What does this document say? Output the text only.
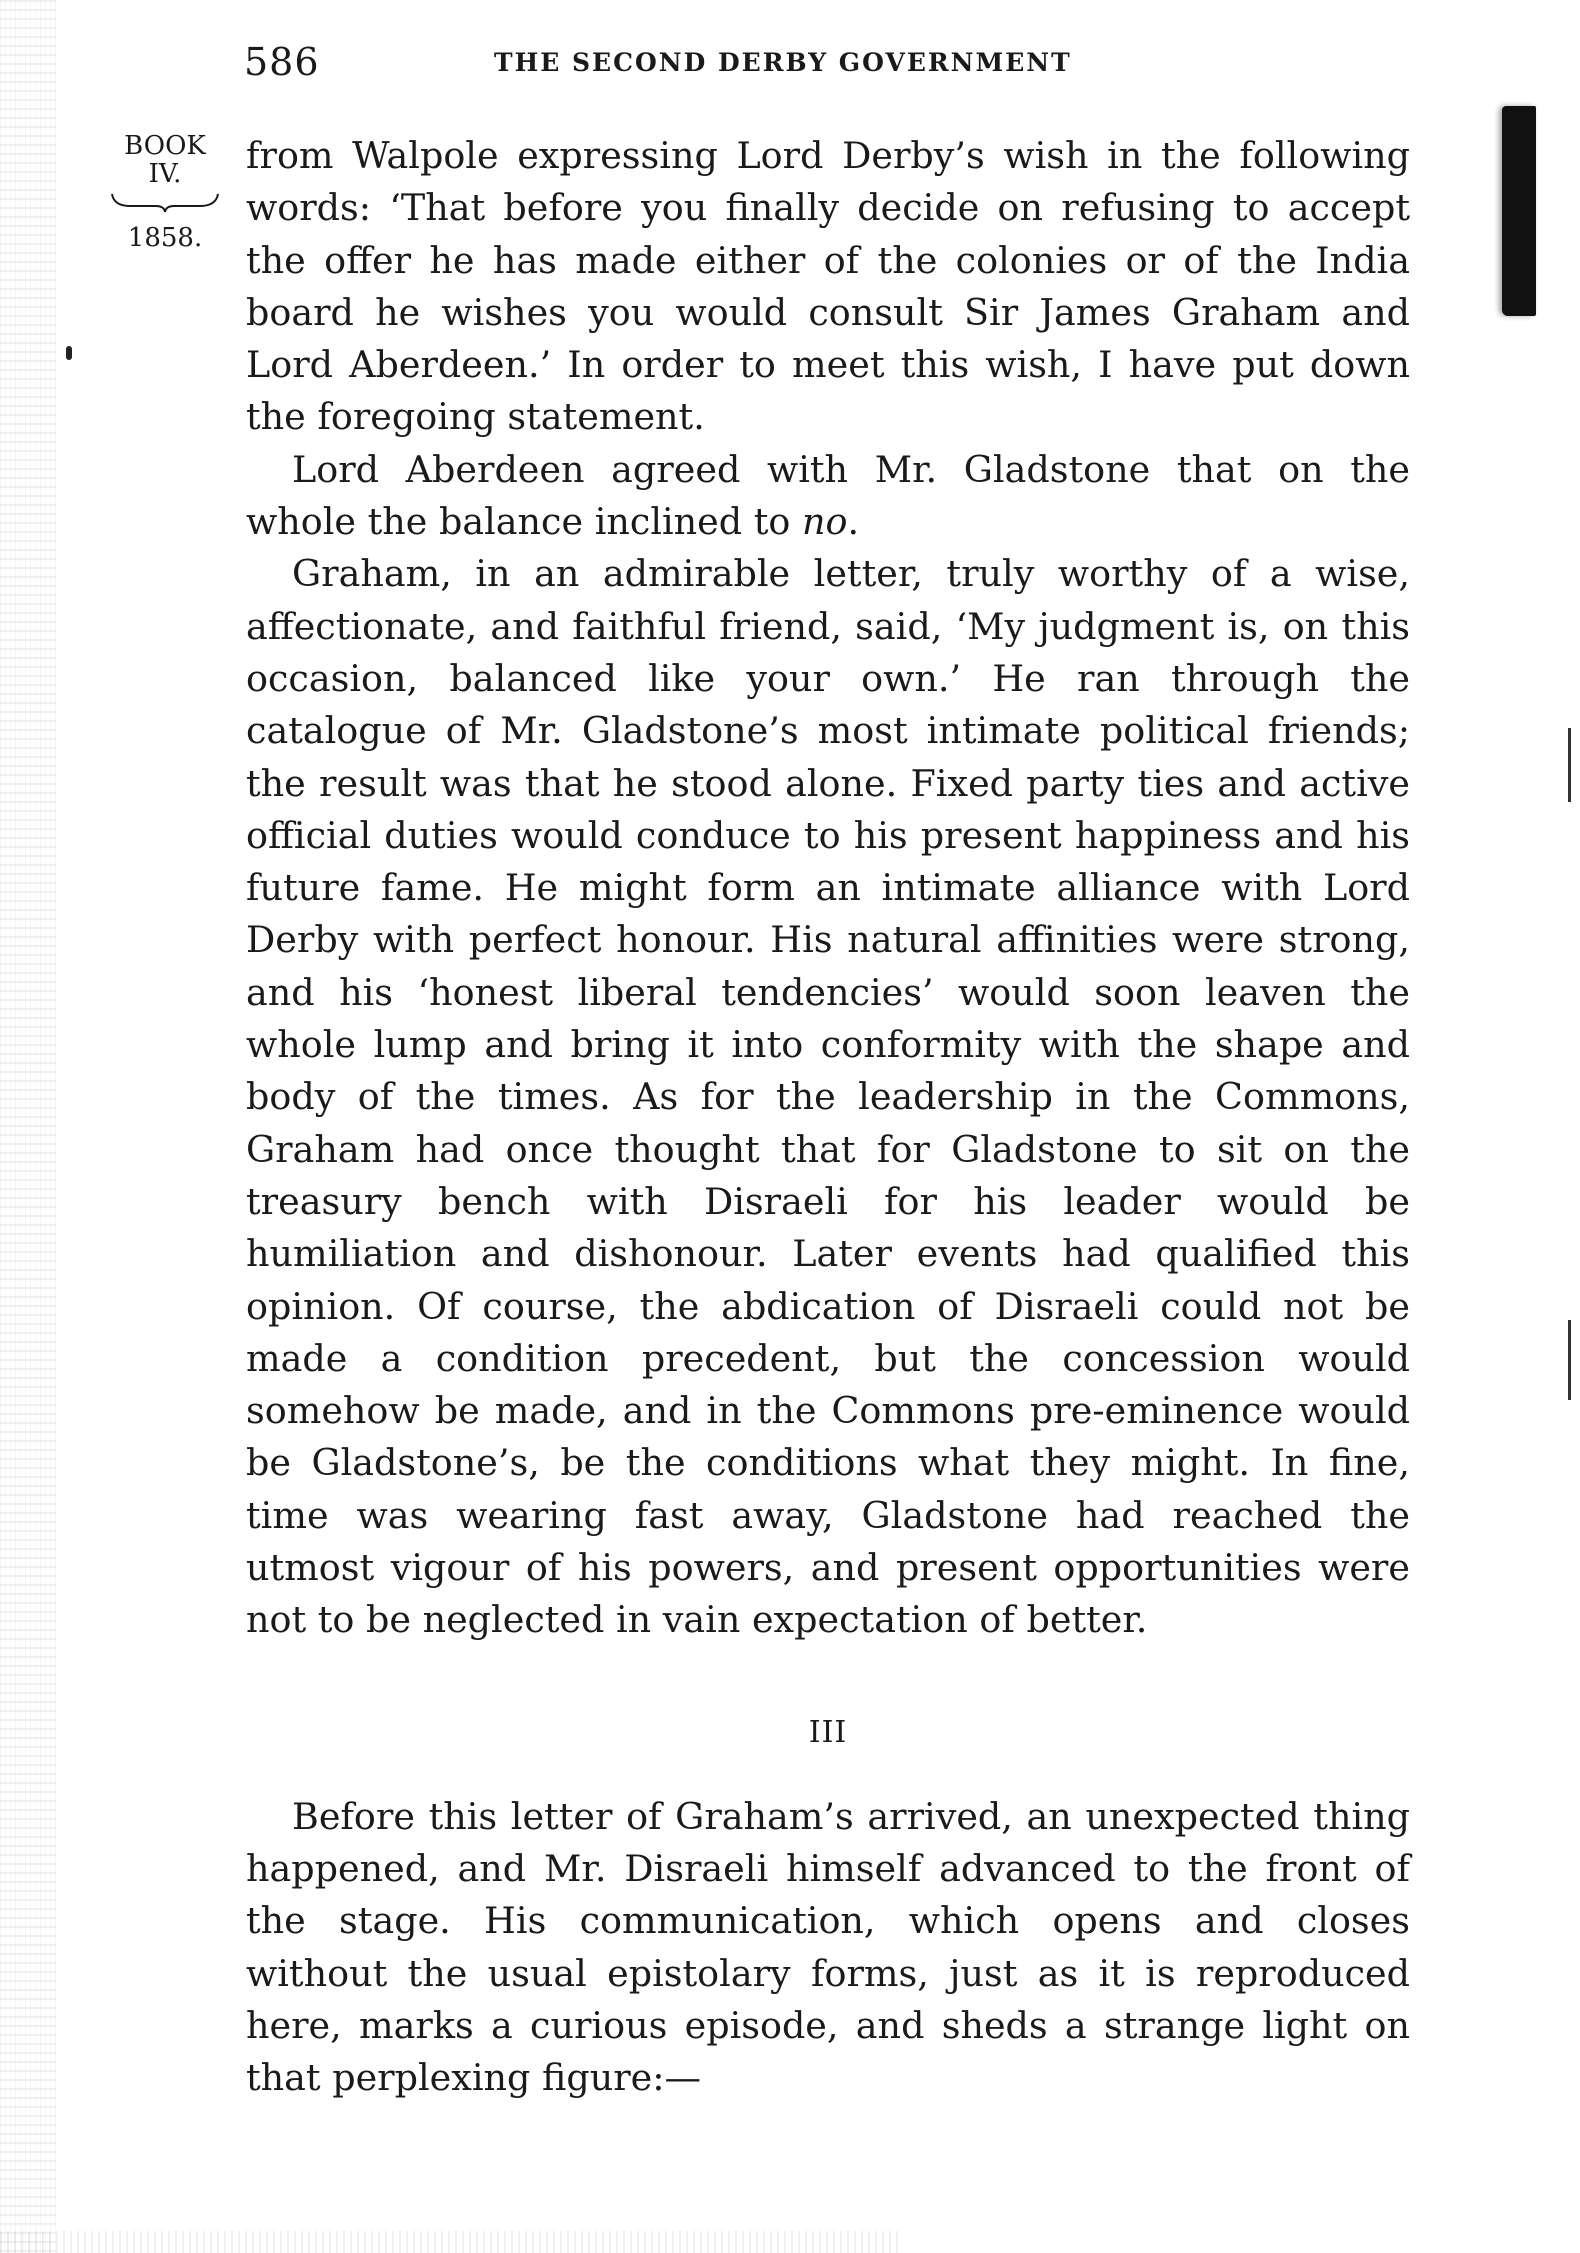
586	THE SECOND DERBY GOVERNMENT
BOOK
IV.
1858.

from Walpole expressing Lord Derby’s wish in the following words: ‘That before you finally decide on refusing to accept the offer he has made either of the colonies or of the India board he wishes you would consult Sir James Graham and Lord Aberdeen.’ In order to meet this wish, I have put down the foregoing statement.

Lord Aberdeen agreed with Mr. Gladstone that on the whole the balance inclined to no.

Graham, in an admirable letter, truly worthy of a wise, affectionate, and faithful friend, said, ‘My judgment is, on this occasion, balanced like your own.’ He ran through the catalogue of Mr. Gladstone’s most intimate political friends; the result was that he stood alone. Fixed party ties and active official duties would conduce to his present happiness and his future fame. He might form an intimate alliance with Lord Derby with perfect honour. His natural affinities were strong, and his ‘honest liberal tendencies’ would soon leaven the whole lump and bring it into conformity with the shape and body of the times. As for the leadership in the Commons, Graham had once thought that for Gladstone to sit on the treasury bench with Disraeli for his leader would be humiliation and dishonour. Later events had qualified this opinion. Of course, the abdication of Disraeli could not be made a condition precedent, but the concession would somehow be made, and in the Commons pre-eminence would be Gladstone’s, be the conditions what they might. In fine, time was wearing fast away, Gladstone had reached the utmost vigour of his powers, and present opportunities were not to be neglected in vain expectation of better.

III

Before this letter of Graham’s arrived, an unexpected thing happened, and Mr. Disraeli himself advanced to the front of the stage. His communication, which opens and closes without the usual epistolary forms, just as it is reproduced here, marks a curious episode, and sheds a strange light on that perplexing figure:—
